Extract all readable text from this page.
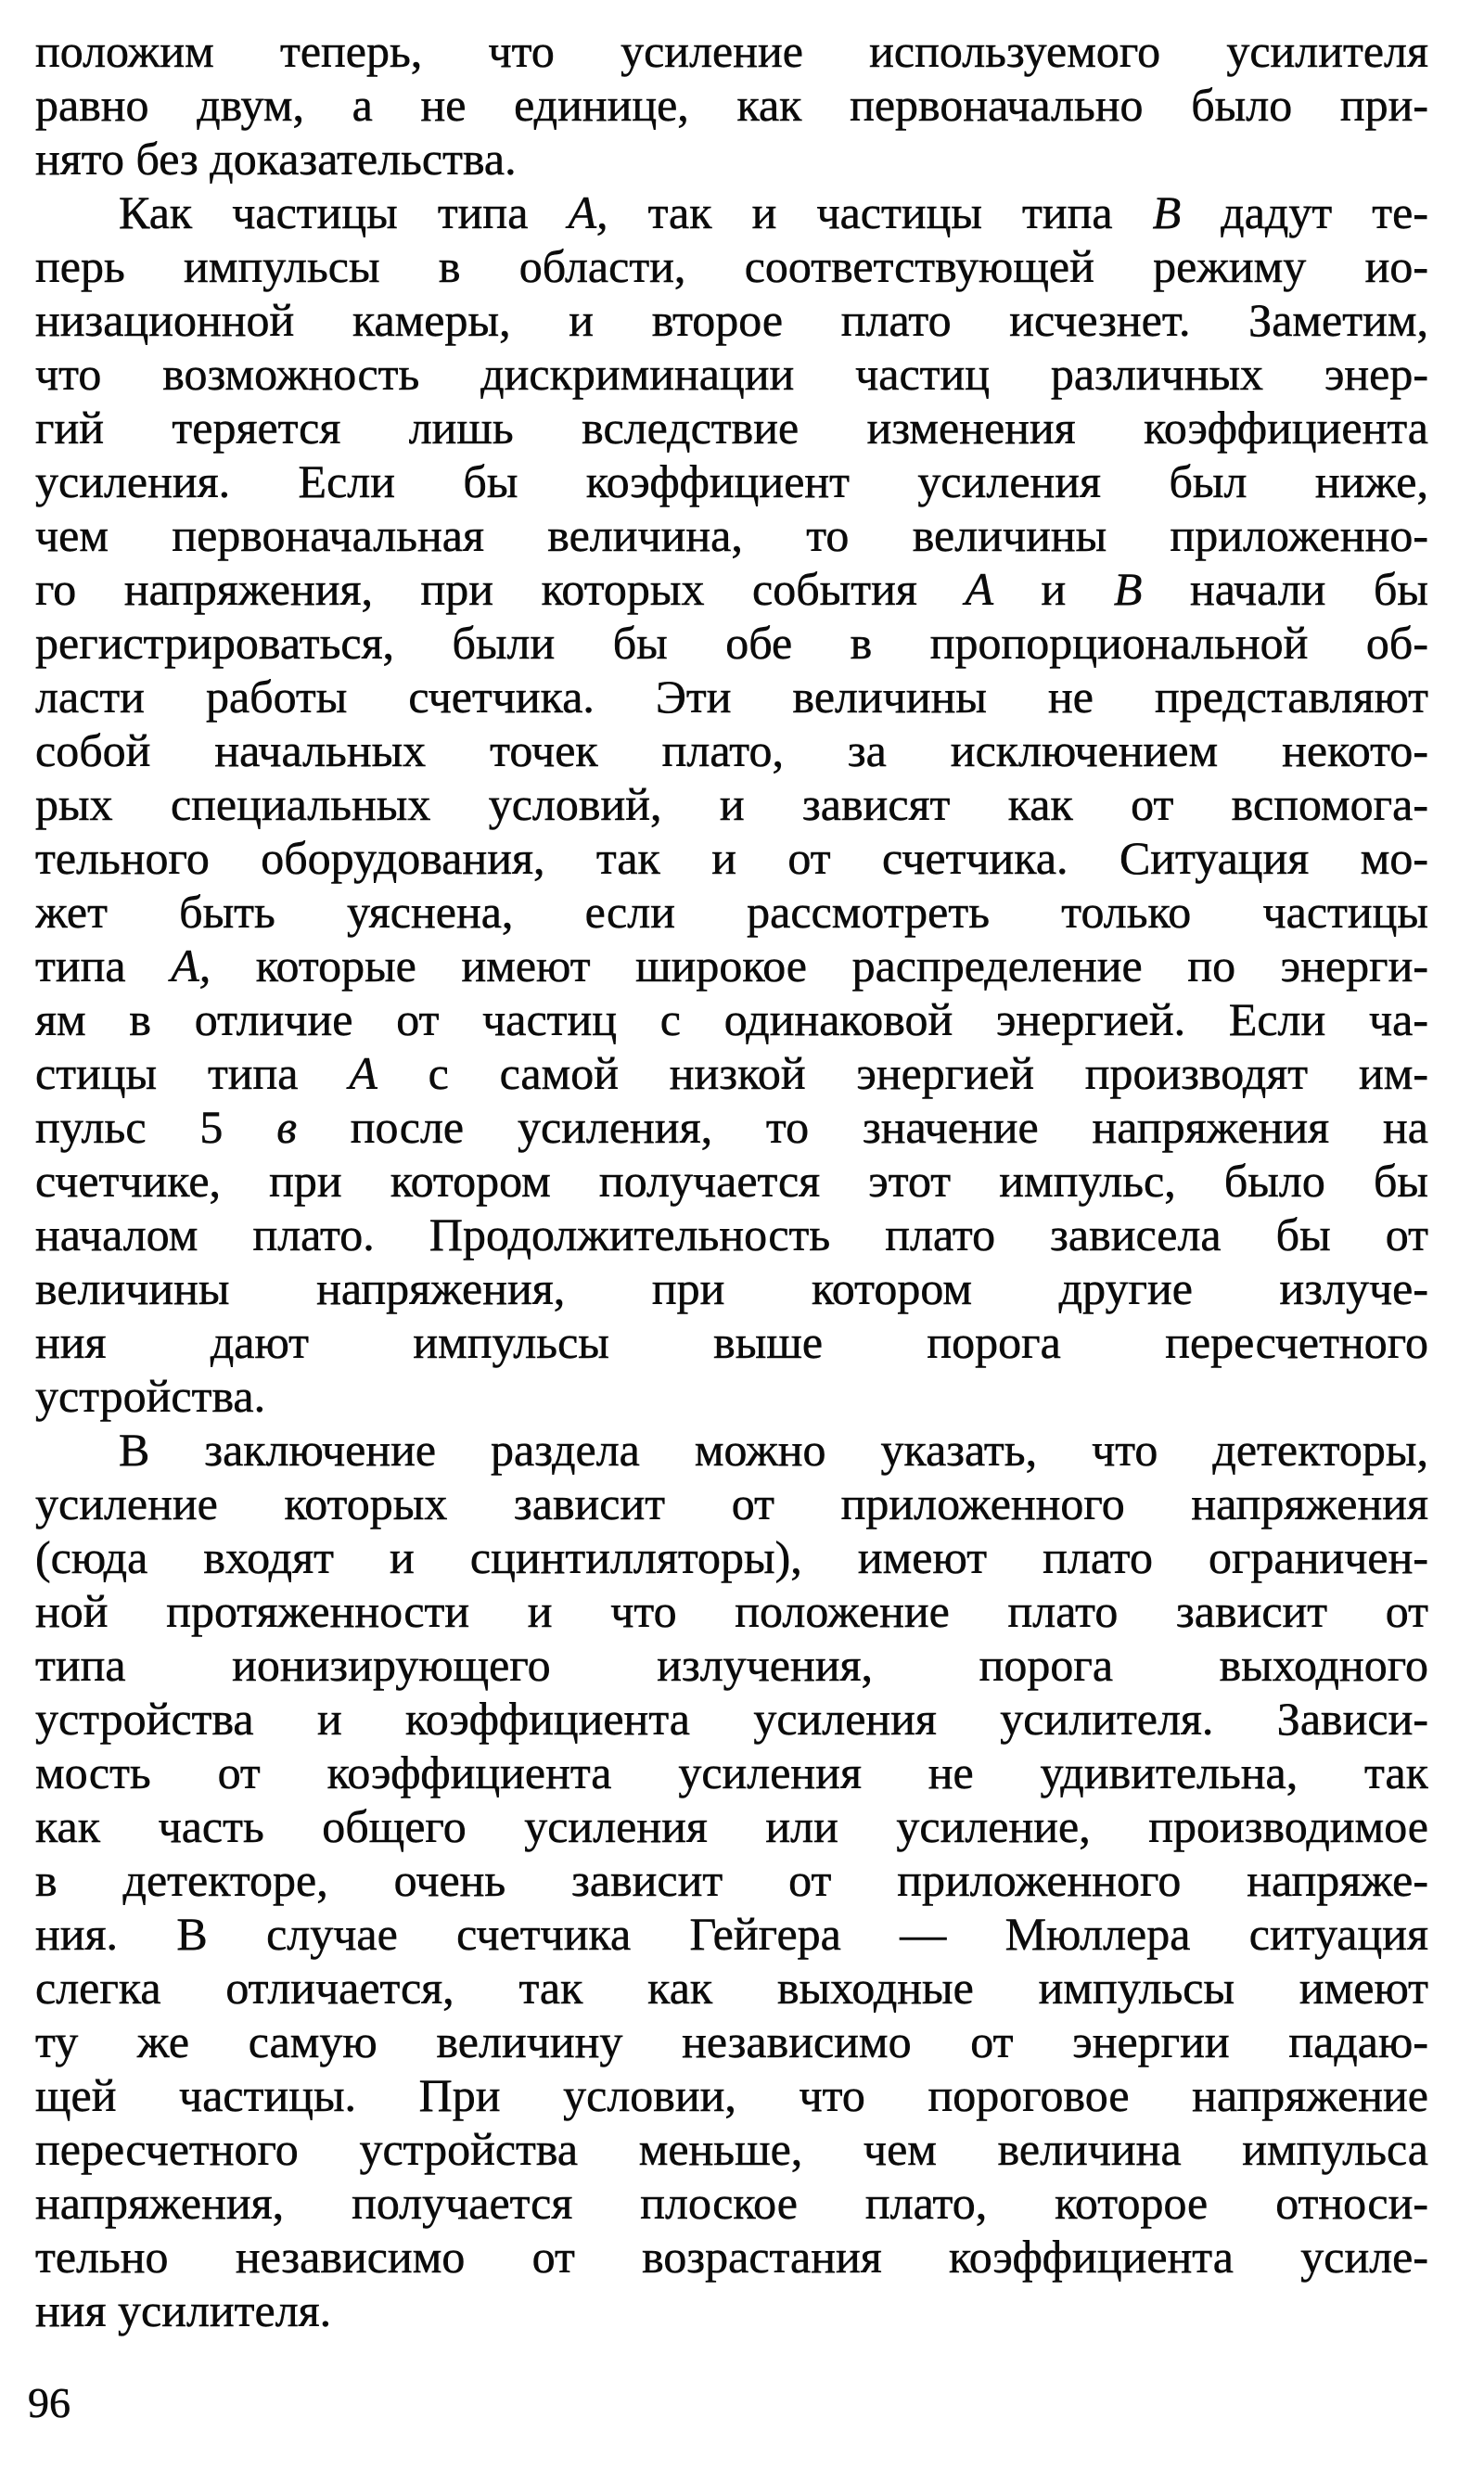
положим теперь, что усиление используемого усилителя
равно двум, а не единице, как первоначально было при-
нято без доказательства.
Как частицы типа А, так и частицы типа В дадут те-
перь импульсы в области, соответствующей режиму ио-
низационной камеры, и второе плато исчезнет. Заметим,
что возможность дискриминации частиц различных энер-
гий теряется лишь вследствие изменения коэффициента
усиления. Если бы коэффициент усиления был ниже,
чем первоначальная величина, то величины приложенно-
го напряжения, при которых события А и В начали бы
регистрироваться, были бы обе в пропорциональной об-
ласти работы счетчика. Эти величины не представляют
собой начальных точек плато, за исключением некото-
рых специальных условий, и зависят как от вспомога-
тельного оборудования, так и от счетчика. Ситуация мо-
жет быть уяснена, если рассмотреть только частицы
типа А, которые имеют широкое распределение по энерги-
ям в отличие от частиц с одинаковой энергией. Если ча-
стицы типа А с самой низкой энергией производят им-
пульс 5 в после усиления, то значение напряжения на
счетчике, при котором получается этот импульс, было бы
началом плато. Продолжительность плато зависела бы от
величины напряжения, при котором другие излуче-
ния дают импульсы выше порога пересчетного
устройства.
В заключение раздела можно указать, что детекторы,
усиление которых зависит от приложенного напряжения
(сюда входят и сцинтилляторы), имеют плато ограничен-
ной протяженности и что положение плато зависит от
типа ионизирующего излучения, порога выходного
устройства и коэффициента усиления усилителя. Зависи-
мость от коэффициента усиления не удивительна, так
как часть общего усиления или усиление, производимое
в детекторе, очень зависит от приложенного напряже-
ния. В случае счетчика Гейгера — Мюллера ситуация
слегка отличается, так как выходные импульсы имеют
ту же самую величину независимо от энергии падаю-
щей частицы. При условии, что пороговое напряжение
пересчетного устройства меньше, чем величина импульса
напряжения, получается плоское плато, которое относи-
тельно независимо от возрастания коэффициента усиле-
ния усилителя.
96
